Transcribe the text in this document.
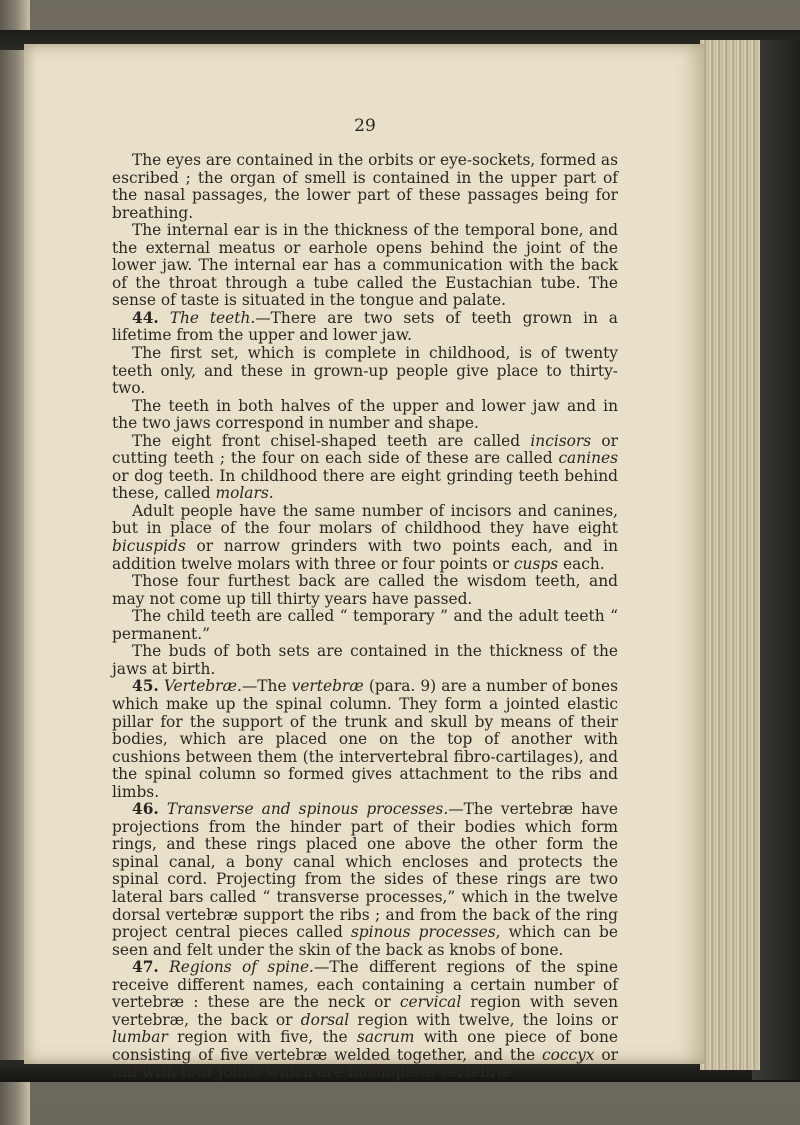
29

The eyes are contained in the orbits or eye-sockets, formed as escribed ; the organ of smell is contained in the upper part of the nasal passages, the lower part of these passages being for breathing.

The internal ear is in the thickness of the temporal bone, and the external meatus or earhole opens behind the joint of the lower jaw. The internal ear has a communication with the back of the throat through a tube called the Eustachian tube. The sense of taste is situated in the tongue and palate.

44. The teeth.—There are two sets of teeth grown in a lifetime from the upper and lower jaw.

The first set, which is complete in childhood, is of twenty teeth only, and these in grown-up people give place to thirty-two.

The teeth in both halves of the upper and lower jaw and in the two jaws correspond in number and shape.

The eight front chisel-shaped teeth are called incisors or cutting teeth ; the four on each side of these are called canines or dog teeth. In childhood there are eight grinding teeth behind these, called molars.

Adult people have the same number of incisors and canines, but in place of the four molars of childhood they have eight bicuspids or narrow grinders with two points each, and in addition twelve molars with three or four points or cusps each.

Those four furthest back are called the wisdom teeth, and may not come up till thirty years have passed.

The child teeth are called “ temporary ” and the adult teeth “ permanent.”

The buds of both sets are contained in the thickness of the jaws at birth.

45. Vertebræ.—The vertebræ (para. 9) are a number of bones which make up the spinal column. They form a jointed elastic pillar for the support of the trunk and skull by means of their bodies, which are placed one on the top of another with cushions between them (the intervertebral fibro-cartilages), and the spinal column so formed gives attachment to the ribs and limbs.

46. Transverse and spinous processes.—The vertebræ have projections from the hinder part of their bodies which form rings, and these rings placed one above the other form the spinal canal, a bony canal which encloses and protects the spinal cord. Projecting from the sides of these rings are two lateral bars called “ transverse processes,” which in the twelve dorsal vertebræ support the ribs ; and from the back of the ring project central pieces called spinous processes, which can be seen and felt under the skin of the back as knobs of bone.

47. Regions of spine.—The different regions of the spine receive different names, each containing a certain number of vertebræ : these are the neck or cervical region with seven vertebræ, the back or dorsal region with twelve, the loins or lumbar region with five, the sacrum with one piece of bone consisting of five vertebræ welded together, and the coccyx or tail with four joints which are incomplete vertebræ.
